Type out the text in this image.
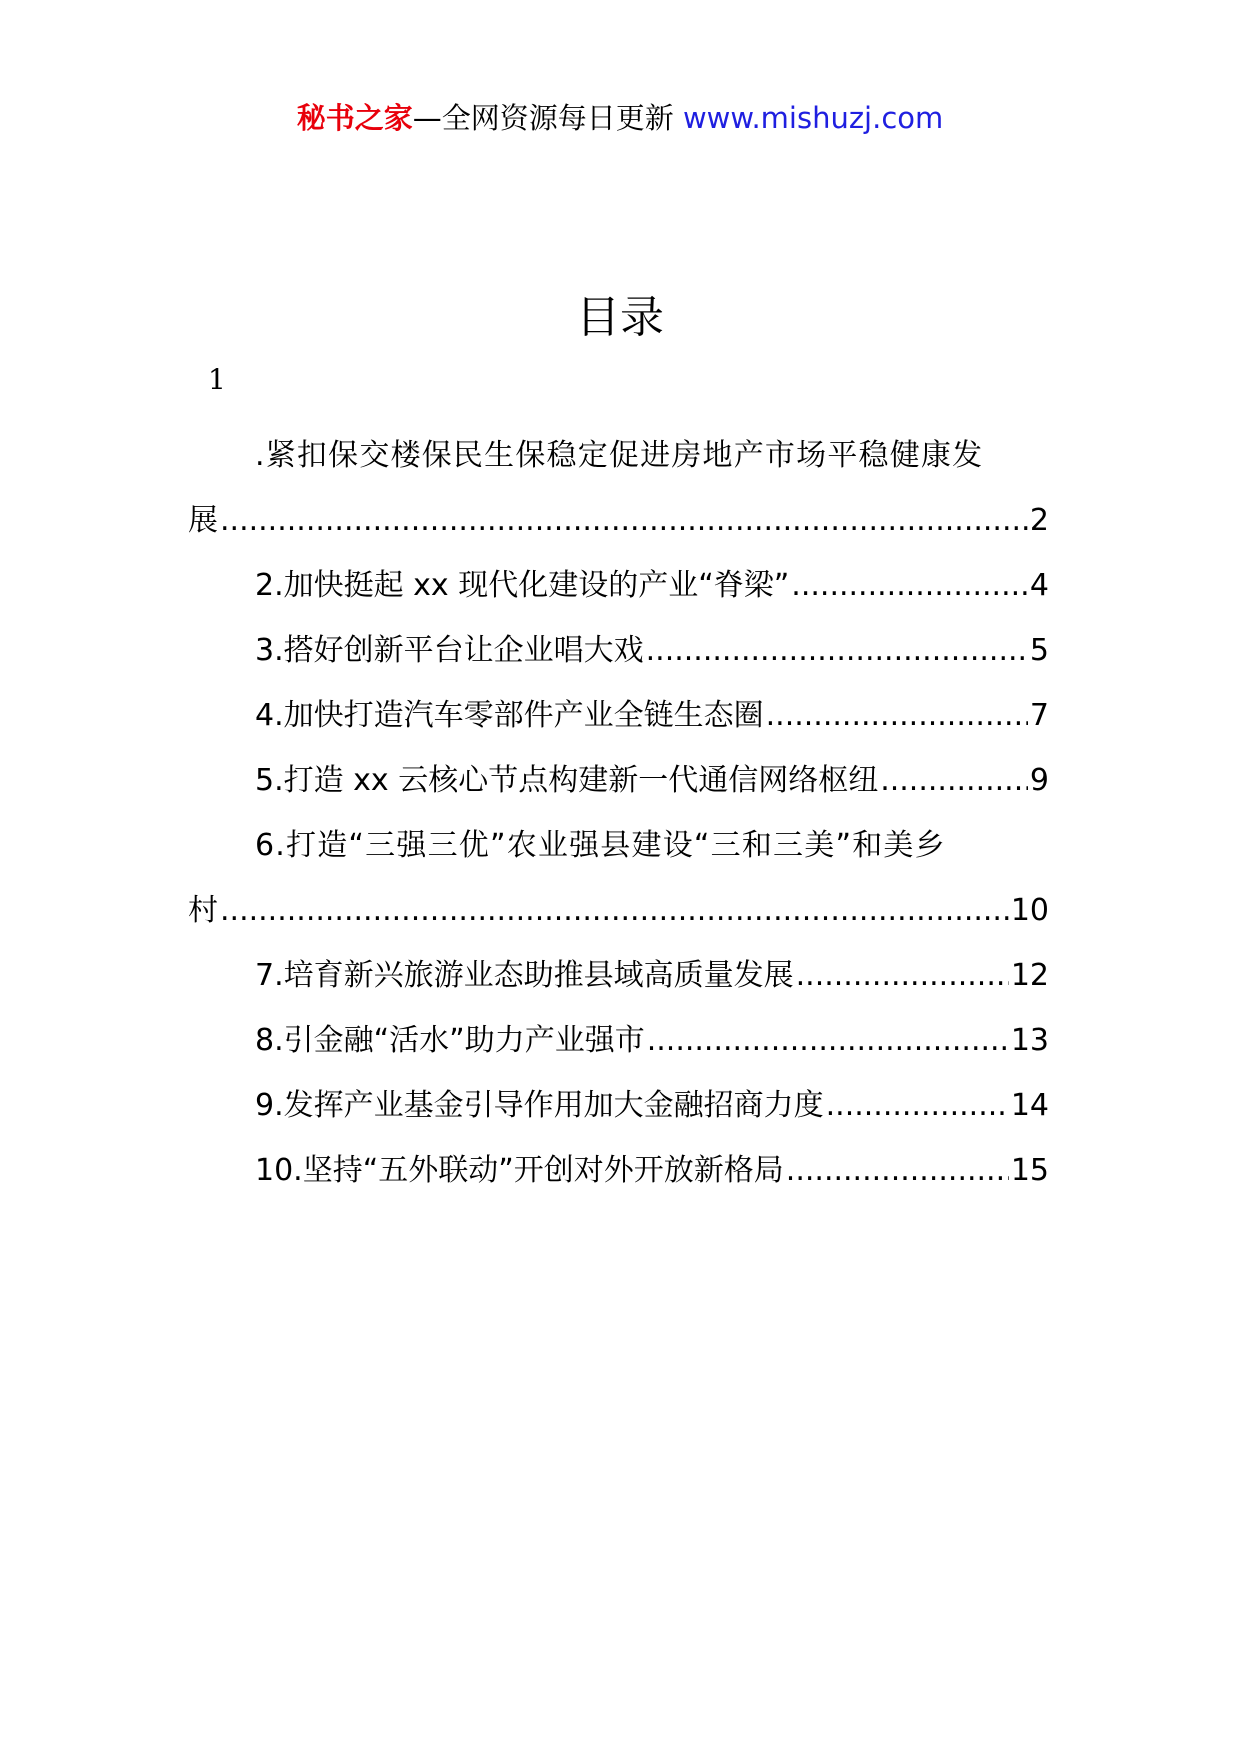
秘书之家—全网资源每日更新 www.mishuzj.com
目录
1
.紧扣保交楼保民生保稳定促进房地产市场平稳健康发
展 .....	2
2.加快挺起 xx 现代化建设的产业“脊梁” .....	4
3.搭好创新平台让企业唱大戏 .....	5
4.加快打造汽车零部件产业全链生态圈 .....	7
5.打造 xx 云核心节点构建新一代通信网络枢纽 .....	9
6.打造“三强三优”农业强县建设“三和三美”和美乡
村 .....	10
7.培育新兴旅游业态助推县域高质量发展 .....	12
8.引金融“活水”助力产业强市 .....	13
9.发挥产业基金引导作用加大金融招商力度 .....	14
10.坚持“五外联动”开创对外开放新格局 .....	15
